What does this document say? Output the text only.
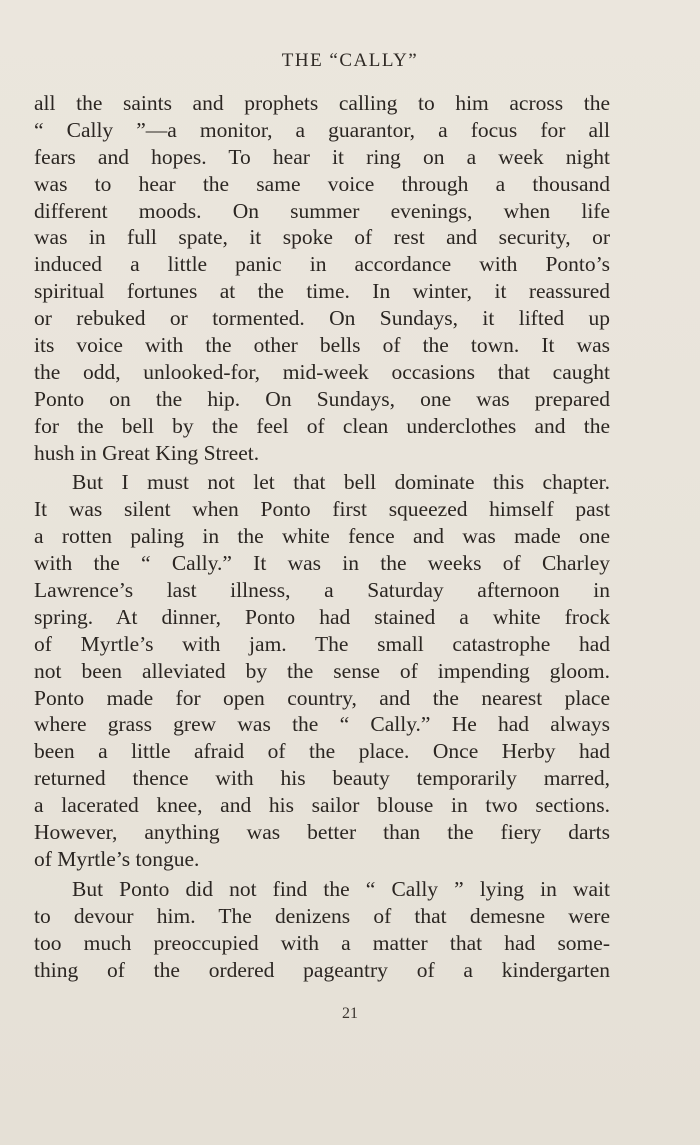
THE “CALLY”
all the saints and prophets calling to him across the
“ Cally ”—a monitor, a guarantor, a focus for all
fears and hopes. To hear it ring on a week night
was to hear the same voice through a thousand
different moods. On summer evenings, when life
was in full spate, it spoke of rest and security, or
induced a little panic in accordance with Ponto’s
spiritual fortunes at the time. In winter, it reassured
or rebuked or tormented. On Sundays, it lifted up
its voice with the other bells of the town. It was
the odd, unlooked-for, mid-week occasions that caught
Ponto on the hip. On Sundays, one was prepared
for the bell by the feel of clean underclothes and the
hush in Great King Street.
But I must not let that bell dominate this chapter.
It was silent when Ponto first squeezed himself past
a rotten paling in the white fence and was made one
with the “ Cally.” It was in the weeks of Charley
Lawrence’s last illness, a Saturday afternoon in
spring. At dinner, Ponto had stained a white frock
of Myrtle’s with jam. The small catastrophe had
not been alleviated by the sense of impending gloom.
Ponto made for open country, and the nearest place
where grass grew was the “ Cally.” He had always
been a little afraid of the place. Once Herby had
returned thence with his beauty temporarily marred,
a lacerated knee, and his sailor blouse in two sections.
However, anything was better than the fiery darts
of Myrtle’s tongue.
But Ponto did not find the “ Cally ” lying in wait
to devour him. The denizens of that demesne were
too much preoccupied with a matter that had some-
thing of the ordered pageantry of a kindergarten
21
